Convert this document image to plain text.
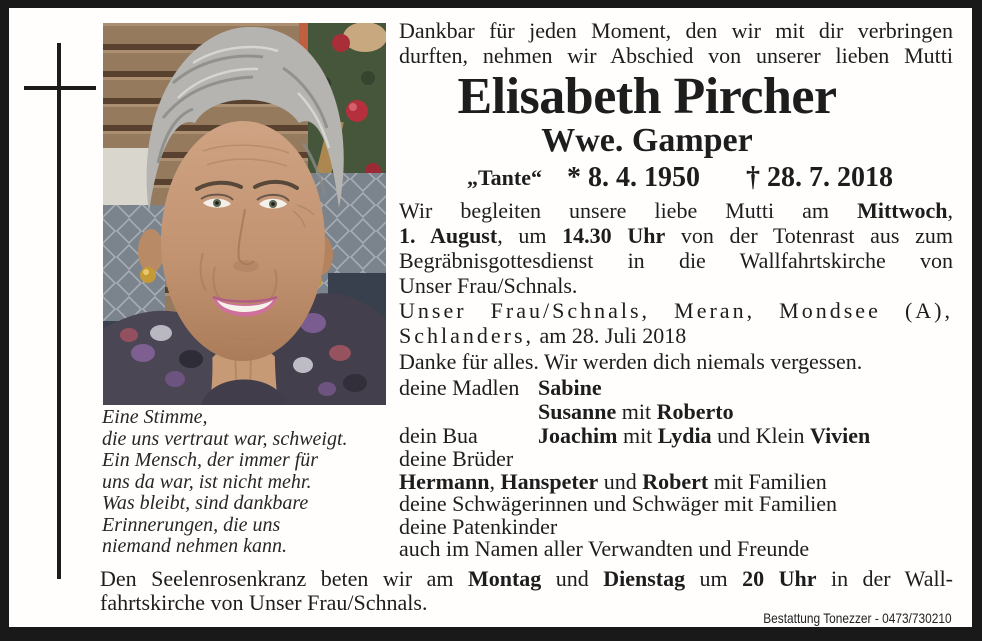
Eine Stimme,
die uns vertraut war, schweigt.
Ein Mensch, der immer für
uns da war, ist nicht mehr.
Was bleibt, sind dankbare
Erinnerungen, die uns
niemand nehmen kann.
Dankbar für jeden Moment, den wir mit dir verbringen
durften, nehmen wir Abschied von unserer lieben Mutti
Elisabeth Pircher
Wwe. Gamper
„Tante“ * 8. 4. 1950 † 28. 7. 2018
Wir begleiten unsere liebe Mutti am Mittwoch,
1. August, um 14.30 Uhr von der Totenrast aus zum
Begräbnisgottesdienst in die Wallfahrtskirche von
Unser Frau/Schnals.
Unser Frau/Schnals, Meran, Mondsee (A),
Schlanders, am 28. Juli 2018
Danke für alles. Wir werden dich niemals vergessen.
deine Madlen Sabine
Susanne mit Roberto
dein Bua	Joachim mit Lydia und Klein Vivien
deine Brüder
Hermann, Hanspeter und Robert mit Familien
deine Schwägerinnen und Schwäger mit Familien
deine Patenkinder
auch im Namen aller Verwandten und Freunde
Den Seelenrosenkranz beten wir am Montag und Dienstag um 20 Uhr in der Wall-
fahrtskirche von Unser Frau/Schnals.
Bestattung Tonezzer - 0473/730210
